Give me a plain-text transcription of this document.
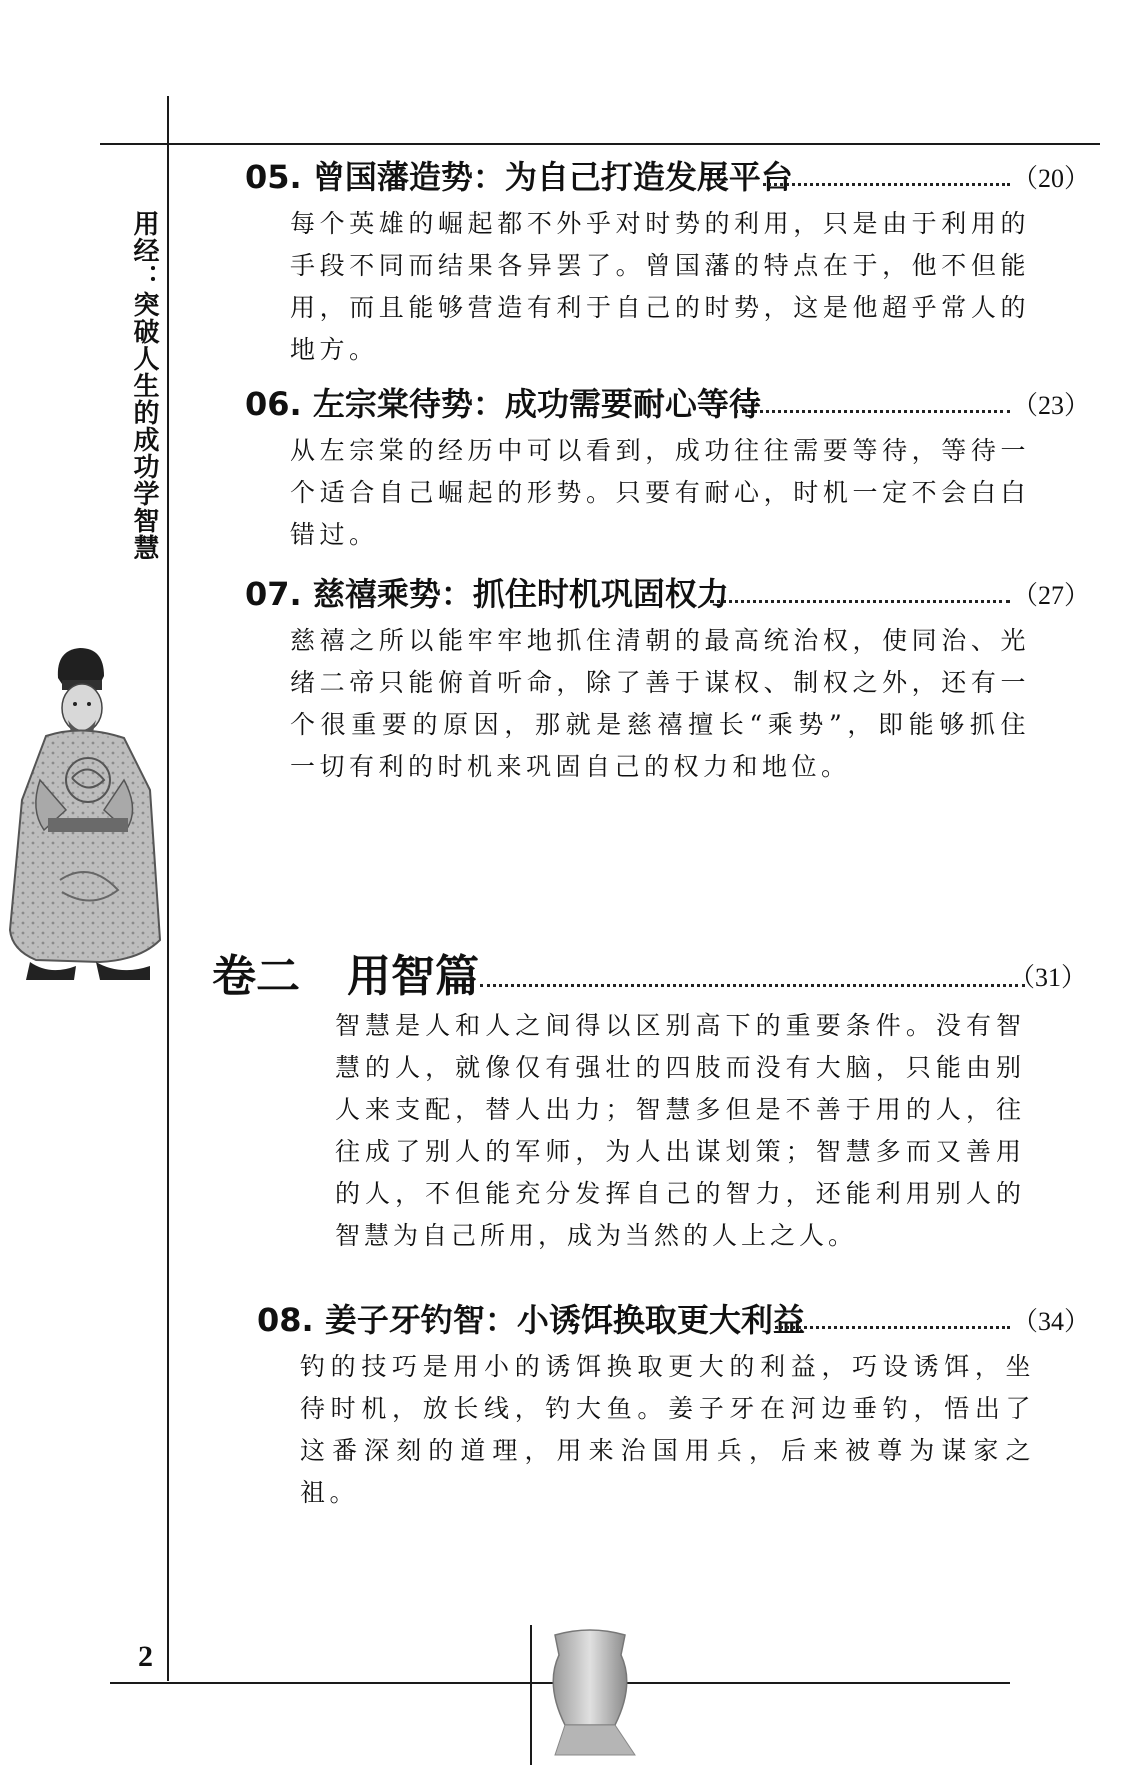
用经：突破人生的成功学智慧
05. 曾国藩造势：为自己打造发展平台	（20）

每个英雄的崛起都不外乎对时势的利用，只是由于利用的手段不同而结果各异罢了。曾国藩的特点在于，他不但能用，而且能够营造有利于自己的时势，这是他超乎常人的地方。

06. 左宗棠待势：成功需要耐心等待	（23）

从左宗棠的经历中可以看到，成功往往需要等待，等待一个适合自己崛起的形势。只要有耐心，时机一定不会白白错过。

07. 慈禧乘势：抓住时机巩固权力	（27）

慈禧之所以能牢牢地抓住清朝的最高统治权，使同治、光绪二帝只能俯首听命，除了善于谋权、制权之外，还有一个很重要的原因，那就是慈禧擅长“乘势”，即能够抓住一切有利的时机来巩固自己的权力和地位。

卷二 用智篇	（31）

智慧是人和人之间得以区别高下的重要条件。没有智慧的人，就像仅有强壮的四肢而没有大脑，只能由别人来支配，替人出力；智慧多但是不善于用的人，往往成了别人的军师，为人出谋划策；智慧多而又善用的人，不但能充分发挥自己的智力，还能利用别人的智慧为自己所用，成为当然的人上之人。

08. 姜子牙钓智：小诱饵换取更大利益	（34）

钓的技巧是用小的诱饵换取更大的利益，巧设诱饵，坐待时机，放长线，钓大鱼。姜子牙在河边垂钓，悟出了这番深刻的道理，用来治国用兵，后来被尊为谋家之祖。

2
